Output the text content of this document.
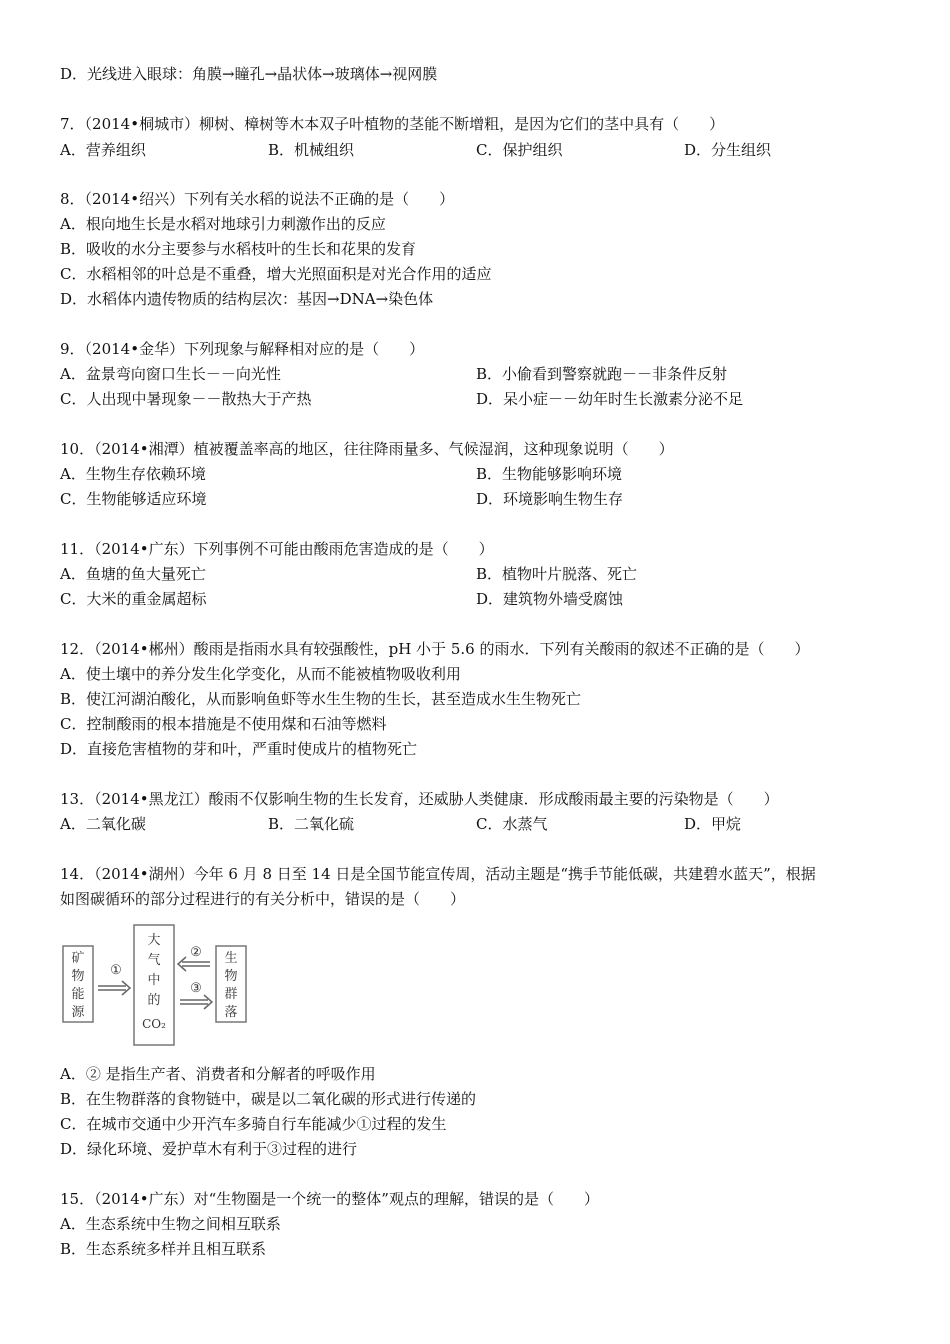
D．光线进入眼球：角膜→瞳孔→晶状体→玻璃体→视网膜
7．（2014•桐城市）柳树、樟树等木本双子叶植物的茎能不断增粗，是因为它们的茎中具有（　　）
A．营养组织	B．机械组织	C．保护组织	D．分生组织
8．（2014•绍兴）下列有关水稻的说法不正确的是（　　）
A．根向地生长是水稻对地球引力刺激作出的反应
B．吸收的水分主要参与水稻枝叶的生长和花果的发育
C．水稻相邻的叶总是不重叠，增大光照面积是对光合作用的适应
D．水稻体内遗传物质的结构层次：基因→DNA→染色体
9．（2014•金华）下列现象与解释相对应的是（　　）
A．盆景弯向窗口生长－－向光性	B．小偷看到警察就跑－－非条件反射
C．人出现中暑现象－－散热大于产热	D．呆小症－－幼年时生长激素分泌不足
10．（2014•湘潭）植被覆盖率高的地区，往往降雨量多、气候湿润，这种现象说明（　　）
A．生物生存依赖环境	B．生物能够影响环境
C．生物能够适应环境	D．环境影响生物生存
11．（2014•广东）下列事例不可能由酸雨危害造成的是（　　）
A．鱼塘的鱼大量死亡	B．植物叶片脱落、死亡
C．大米的重金属超标	D．建筑物外墙受腐蚀
12．（2014•郴州）酸雨是指雨水具有较强酸性，pH 小于 5.6 的雨水．下列有关酸雨的叙述不正确的是（　　）
A．使土壤中的养分发生化学变化，从而不能被植物吸收利用
B．使江河湖泊酸化，从而影响鱼虾等水生生物的生长，甚至造成水生生物死亡
C．控制酸雨的根本措施是不使用煤和石油等燃料
D．直接危害植物的芽和叶，严重时使成片的植物死亡
13．（2014•黑龙江）酸雨不仅影响生物的生长发育，还威胁人类健康．形成酸雨最主要的污染物是（　　）
A．二氧化碳	B．二氧化硫	C．水蒸气	D．甲烷
14．（2014•湖州）今年 6 月 8 日至 14 日是全国节能宣传周，活动主题是“携手节能低碳，共建碧水蓝天”，根据
如图碳循环的部分过程进行的有关分析中，错误的是（　　）
矿
物
能
源
①
大
气
中
的
CO₂
②
③
生
物
群
落
A．② 是指生产者、消费者和分解者的呼吸作用
B．在生物群落的食物链中，碳是以二氧化碳的形式进行传递的
C．在城市交通中少开汽车多骑自行车能减少①过程的发生
D．绿化环境、爱护草木有利于③过程的进行
15．（2014•广东）对“生物圈是一个统一的整体”观点的理解，错误的是（　　）
A．生态系统中生物之间相互联系
B．生态系统多样并且相互联系
